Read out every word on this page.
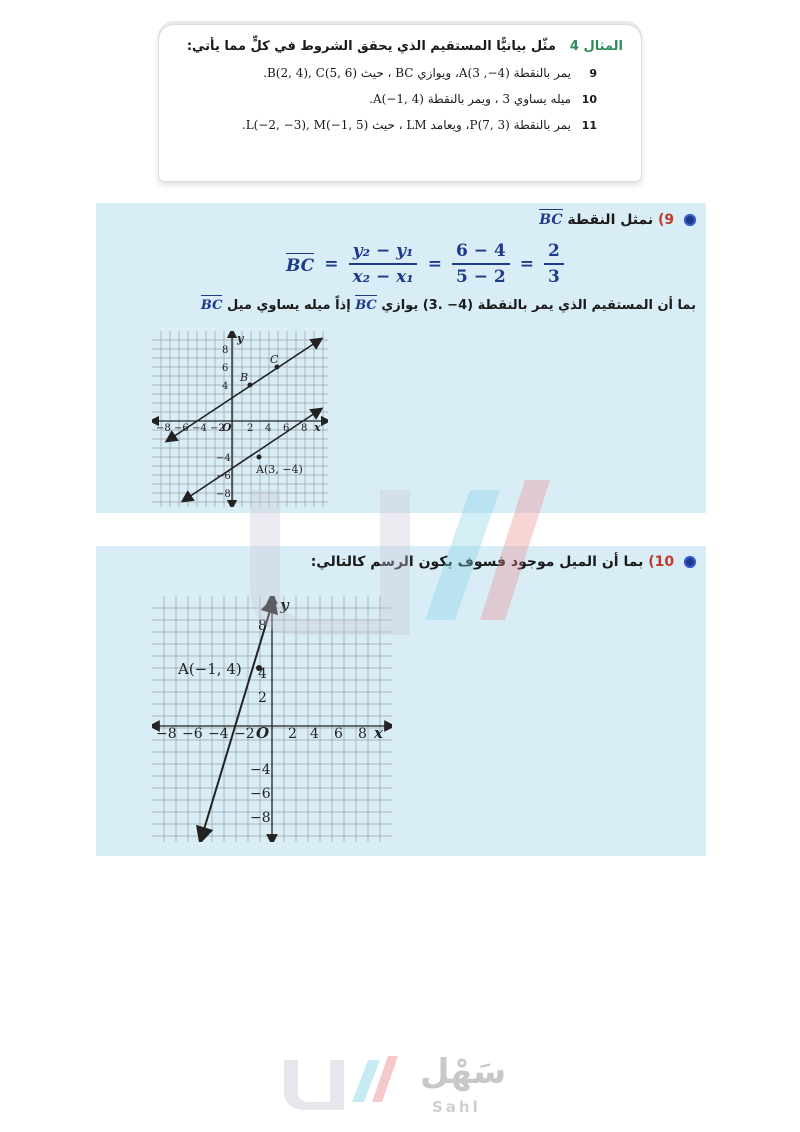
المثال 4
مثّل بيانيًّا المستقيم الذي يحقق الشروط في كلٍّ مما يأتي:
9
يمر بالنقطة (4−, 3)A، ويوازي BC ، حيث B(2, 4), C(5, 6).
10
ميله يساوي 3 ، ويمر بالنقطة A(−1, 4).
11
يمر بالنقطة P(7, 3)، ويعامد LM ، حيث L(−2, −3), M(−1, 5).
9) نمثل النقطة BC
BC = $\frac{\text{y₂ − y₁}}{\text{x₂ − x₁}} = \frac{6 - 4}{5 - 2} = \frac{2}{3}$
بما أن المستقيم الذي يمر بالنقطة (4− .3) يوازي BC إذاً ميله يساوي ميل BC
B
C
A(3, −4)
x
y
O
−8 −6 −4 −2 2 4 6 8
8
6
4
−4
−6
−8
10) بما أن الميل موجود فسوف يكون الرسم كالتالي:
A(−1, 4)
x
y
O
−8 −6 −4 −2 2 4 6 8
8
4
2
−4
−6
−8
سَهْل
Sahl
